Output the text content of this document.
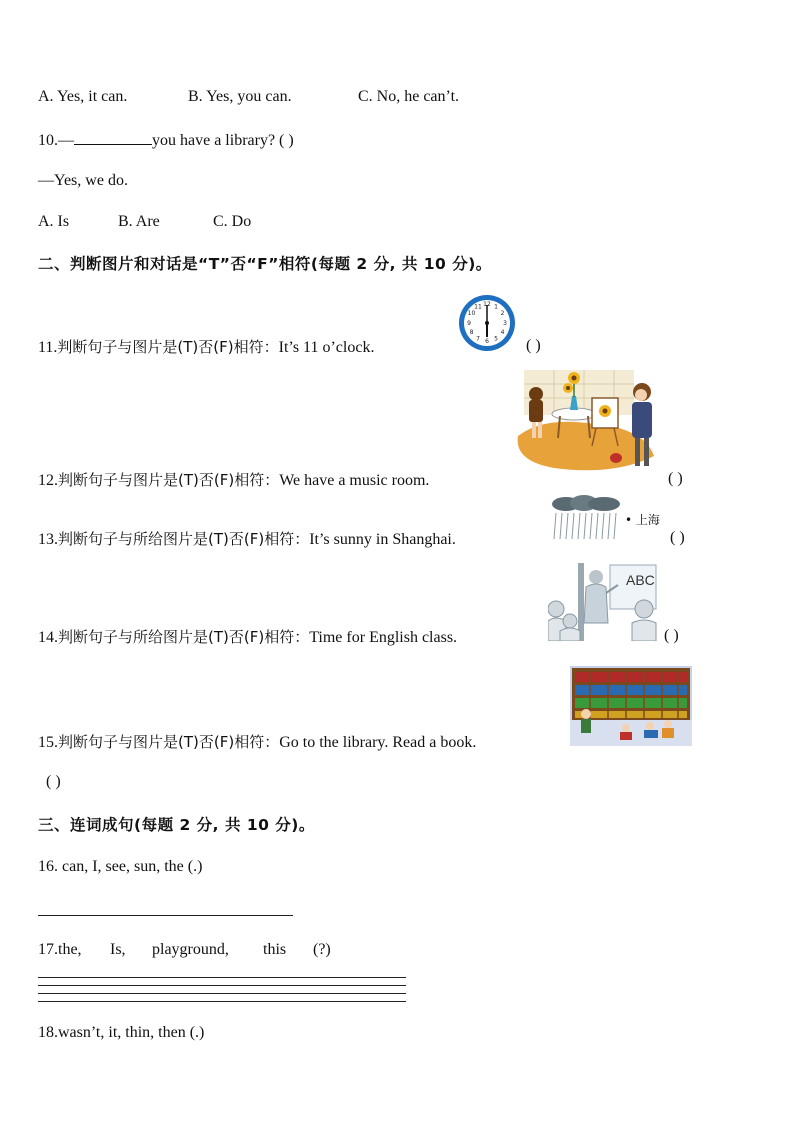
A. Yes, it can.	B. Yes, you can.	C. No, he can’t.
10.—	you have a library? ( )
—Yes, we do.
A. Is	B. Are	C. Do
二、判断图片和对话是“T”否“F”相符(每题 2 分, 共 10 分)。
11.判断句子与图片是(T)否(F)相符：It’s 11 o’clock.
12 1
2
3
4
5
6
7
8
9
10
11
( )
12.判断句子与图片是(T)否(F)相符：We have a music room.	( )
• 上海
13.判断句子与所给图片是(T)否(F)相符：It’s sunny in Shanghai.	( )
ABC
14.判断句子与所给图片是(T)否(F)相符：Time for English class.	( )
15.判断句子与图片是(T)否(F)相符：Go to the library. Read a book.
( )
三、连词成句(每题 2 分, 共 10 分)。
16. can, I, see, sun, the (.)
17.the, Is, playground, this (?)
18.wasn’t, it, thin, then (.)
